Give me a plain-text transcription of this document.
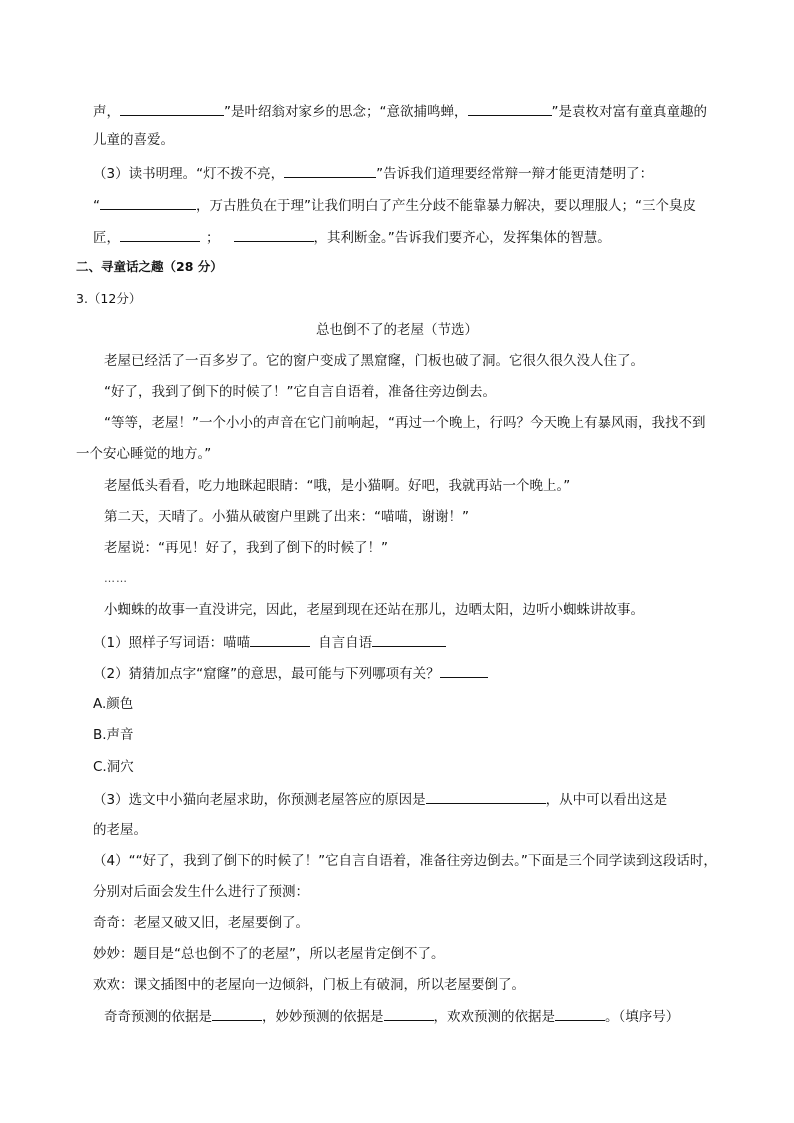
声，	”是叶绍翁对家乡的思念；“意欲捕鸣蝉，	”是袁枚对富有童真童趣的
儿童的喜爱。
（3）读书明理。“灯不拨不亮，	”告诉我们道理要经常辩一辩才能更清楚明了：
“	，万古胜负在于理”让我们明白了产生分歧不能靠暴力解决，要以理服人；“三个臭皮
匠，	；	，其利断金。”告诉我们要齐心，发挥集体的智慧。
二、寻童话之趣（28 分）
3.（12分）
总也倒不了的老屋（节选）
老屋已经活了一百多岁了。它的窗户变成了黑窟窿，门板也破了洞。它很久很久没人住了。
“好了，我到了倒下的时候了！”它自言自语着，准备往旁边倒去。
“等等，老屋！”一个小小的声音在它门前响起，“再过一个晚上，行吗？今天晚上有暴风雨，我找不到
一个安心睡觉的地方。”
老屋低头看看，吃力地眯起眼睛：“哦，是小猫啊。好吧，我就再站一个晚上。”
第二天，天晴了。小猫从破窗户里跳了出来：“喵喵，谢谢！”
老屋说：“再见！好了，我到了倒下的时候了！”
……
小蜘蛛的故事一直没讲完，因此，老屋到现在还站在那儿，边晒太阳，边听小蜘蛛讲故事。
（1）照样子写词语：喵喵	自言自语
（2）猜猜加点字“窟窿”的意思，最可能与下列哪项有关？
A.颜色
B.声音
C.洞穴
（3）选文中小猫向老屋求助，你预测老屋答应的原因是	，从中可以看出这是
的老屋。
（4）““好了，我到了倒下的时候了！”它自言自语着，准备往旁边倒去。”下面是三个同学读到这段话时，
分别对后面会发生什么进行了预测：
奇奇：老屋又破又旧，老屋要倒了。
妙妙：题目是“总也倒不了的老屋”，所以老屋肯定倒不了。
欢欢：课文插图中的老屋向一边倾斜，门板上有破洞，所以老屋要倒了。
奇奇预测的依据是	，妙妙预测的依据是	，欢欢预测的依据是	。（填序号）
